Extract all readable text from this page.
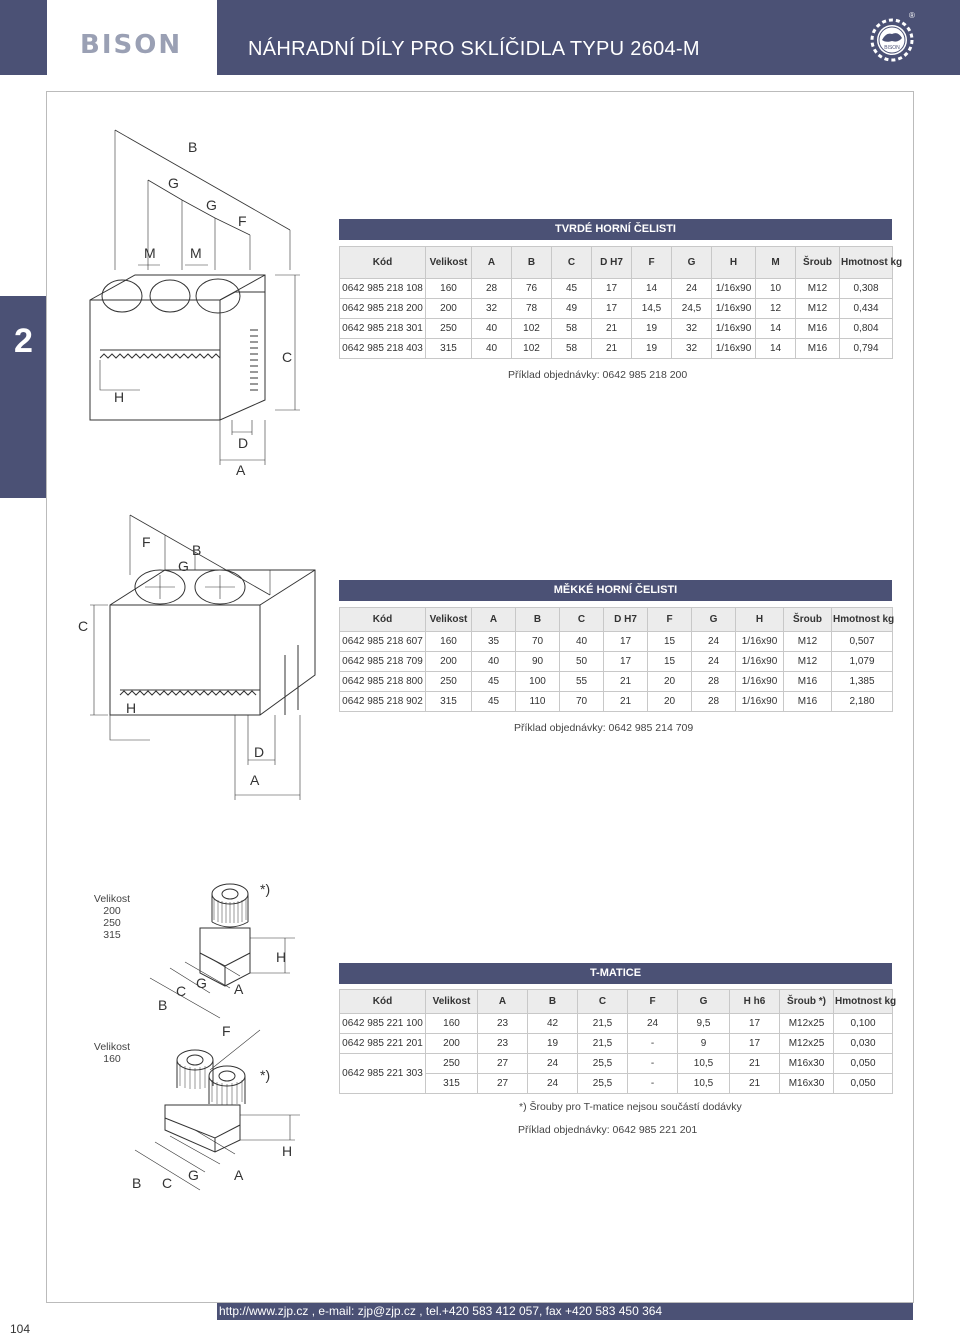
BISON	NÁHRADNÍ DÍLY PRO SKLÍČIDLA TYPU 2604-M	BISON
®
2
B
G
G
F
M M
C
H
D
A
TVRDÉ HORNÍ ČELISTI
Kód	Velikost	A	B	C	D H7	F	G	H	M	Šroub	Hmotnost kg
0642 985 218 108	160	28	76	45	17	14	24	1/16x90	10	M12	0,308
0642 985 218 200	200	32	78	49	17	14,5	24,5	1/16x90	12	M12	0,434
0642 985 218 301	250	40	102	58	21	19	32	1/16x90	14	M16	0,804
0642 985 218 403	315	40	102	58	21	19	32	1/16x90	14	M16	0,794
Příklad objednávky: 0642 985 218 200
F
G
B
C
H
D
A
MĚKKÉ HORNÍ ČELISTI
Kód	Velikost	A	B	C	D H7	F	G	H	Šroub	Hmotnost kg
0642 985 218 607	160	35	70	40	17	15	24	1/16x90	M12	0,507
0642 985 218 709	200	40	90	50	17	15	24	1/16x90	M12	1,079
0642 985 218 800	250	45	100	55	21	20	28	1/16x90	M16	1,385
0642 985 218 902	315	45	110	70	21	20	28	1/16x90	M16	2,180
Příklad objednávky: 0642 985 214 709
Velikost
200
250
315
Velikost
160
*)
B
C G A
H
F
*)
B C G	A
H
T-MATICE
Kód	Velikost	A	B	C	F	G	H h6	Šroub *)	Hmotnost kg
0642 985 221 100	160	23	42	21,5	24	9,5	17	M12x25	0,100
0642 985 221 201	200	23	19	21,5	-	9	17	M12x25	0,030
0642 985 221 303	250	27	24	25,5	-	10,5	21	M16x30	0,050
	315	27	24	25,5	-	10,5	21	M16x30	0,050
*) Šrouby pro T-matice nejsou součástí dodávky
Příklad objednávky: 0642 985 221 201
http://www.zjp.cz , e-mail: zjp@zjp.cz , tel.+420 583 412 057, fax +420 583 450 364
104
